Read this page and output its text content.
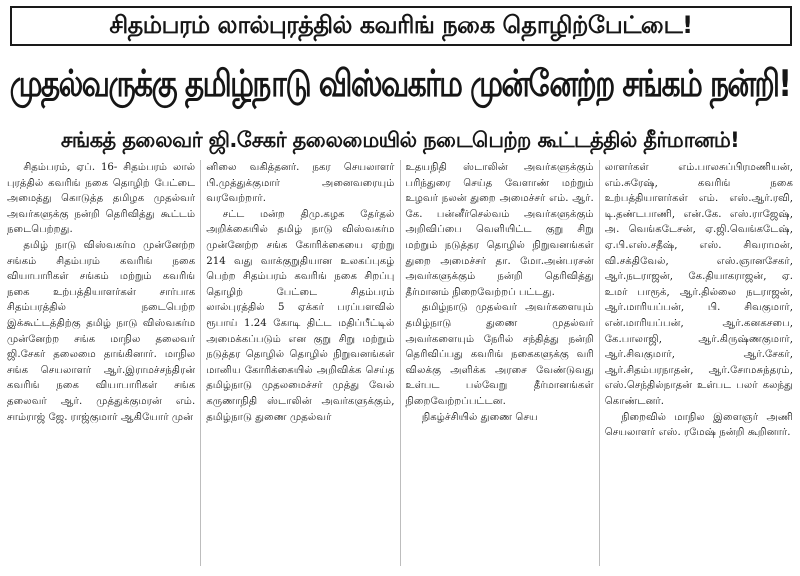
சிதம்பரம் லால்புரத்தில் கவரிங் நகை தொழிற்பேட்டை!
முதல்வருக்கு தமிழ்நாடு விஸ்வகர்ம முன்னேற்ற சங்கம் நன்றி!
சங்கத் தலைவர் ஜி.சேகர் தலைமையில் நடைபெற்ற கூட்டத்தில் தீர்மானம்!

சிதம்பரம், ஏப். 16- சிதம்பரம் லால் புரத்தில் கவரிங் நகை தொழிற் பேட்டை அமைத்து கொடுத்த தமிழக முதல்வர் அவர்களுக்கு நன்றி தெரிவித்து கூட்டம் நடைபெற்றது.

தமிழ் நாடு விஸ்வகர்ம முன்னேற்ற சங்கம் சிதம்பரம் கவரிங் நகை வியாபாரிகள் சங்கம் மற்றும் கவரிங் நகை உற்பத்தியாளர்கள் சார்பாக சிதம்பரத்தில் நடைபெற்ற இக்கூட்டத்திற்கு தமிழ் நாடு விஸ்வகர்ம முன்னேற்ற சங்க மாநில தலைவர் ஜி.சேகர் தலைமை தாங்கினார். மாநில சங்க செயலாளர் ஆர்.இராமச்சந்திரன் கவரிங் நகை வியாபாரிகள் சங்க தலைவர் ஆர். முத்துக்குமரன் எம். சாம்ராஜ் ஜே. ராஜ்குமார் ஆகியோர் முன்

னிலை வகித்தனர். நகர செயலாளர் பி.முத்துக்குமார் அனைவரையும் வரவேற்றார்.

சட்ட மன்ற திமு.கழக தேர்தல் அறிக்கையில் தமிழ் நாடு விஸ்வகர்ம முன்னேற்ற சங்க கோரிக்கையை ஏற்று 214 வது வாக்குறுதியான உலகப்புகழ் பெற்ற சிதம்பரம் கவரிங் நகை சிறப்பு தொழிற் பேட்டை சிதம்பரம் லால்புரத்தில் 5 ஏக்கர் பரப்பளவில் ரூபாய் 1.24 கோடி திட்ட மதிப்பீட்டில் அமைக்கப்படும் என குறு சிறு மற்றும் நடுத்தர தொழில் தொழில் நிறுவனங்கள் மானிய கோரிக்கையில் அறிவிக்க செய்த தமிழ்நாடு முதலமைச்சர் முத்து வேல் கருணாநிதி ஸ்டாலின் அவர்களுக்கும், தமிழ்நாடு துணை முதல்வர்

உதயநிதி ஸ்டாலின் அவர்களுக்கும் பரிந்துரை செய்த வேளாண் மற்றும் உழவர் நலன் துறை அமைச்சர் எம். ஆர். கே. பன்னீர்செல்வம் அவர்களுக்கும் அறிவிப்பை வெளியிட்ட குறு சிறு மற்றும் நடுத்தர தொழில் நிறுவனங்கள் துறை அமைச்சர் தா. மோ.அன்பரசன் அவர்களுக்கும் நன்றி தெரிவித்து தீர்மானம் நிறைவேற்றப் பட்டது.

தமிழ்நாடு முதல்வர் அவர்களையும் தமிழ்நாடு துணை முதல்வர் அவர்களையும் நேரில் சந்தித்து நன்றி தெரிவிப்பது கவரிங் நகைகளுக்கு வரி விலக்கு அளிக்க அரசை வேண்டுவது உள்பட பல்வேறு தீர்மானங்கள் நிறைவேற்றப்பட்டன.

நிகழ்ச்சியில் துணை செய

லாளர்கள் எம்.பாலசுப்பிரமணியன், எம்.சுரேஷ், கவரிங் நகை உற்பத்தியாளர்கள் எம். எஸ்.ஆர்.ரவி, டி.தண்டபாணி, என்.கே. எஸ்.ராஜேஷ், அ. வெங்கடேசன், ஏ.ஜி.வெங்கடேஷ், ஏ.பி.எஸ்.சதீஷ், எஸ். சிவராமன், வி.சக்திவேல், எஸ்.ஞானசேகர், ஆர்.நடராஜன், கே.தியாகராஜன், ஏ. உமர் பாரூக், ஆர்.தில்லை நடராஜன், ஆர்.மாரியப்பன், பி. சிவகுமார், என்.மாரியப்பன், ஆர்.கனகசபை, கே.பாலாஜி, ஆர்.கிருஷ்ணகுமார், ஆர்.சிவகுமார், ஆர்.சேகர், ஆர்.சிதம்பரநாதன், ஆர்.சோமசுந்தரம், எஸ்.செந்தில்நாதன் உள்பட பலர் கலந்து கொண்டனர்.

நிறைவில் மாநில இளைஞர் அணி செயலாளர் எஸ். ரமேஷ் நன்றி கூறினார்.
